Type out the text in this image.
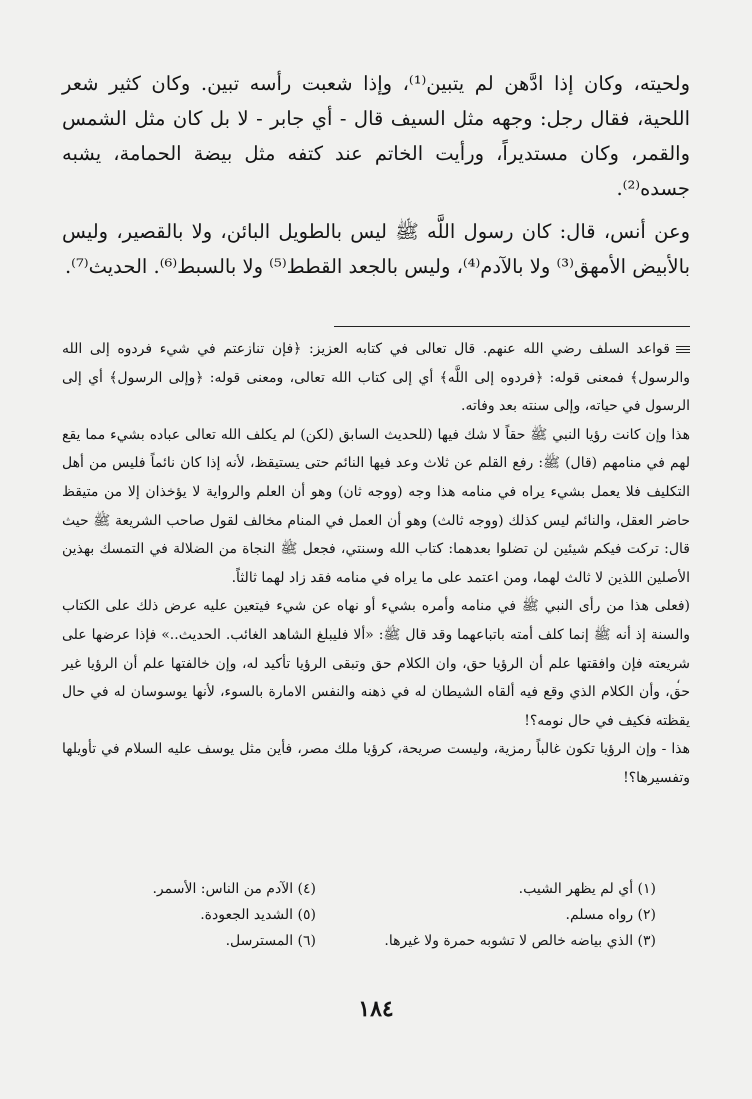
ولحيته، وكان إذا ادَّهن لم يتبين⁽¹⁾، وإذا شعبت رأسه تبين. وكان كثير شعر اللحية، فقال رجل: وجهه مثل السيف قال - أي جابر - لا بل كان مثل الشمس والقمر، وكان مستديراً، ورأيت الخاتم عند كتفه مثل بيضة الحمامة، يشبه جسده⁽²⁾.

وعن أنس، قال: كان رسول اللَّه ﷺ ليس بالطويل البائن، ولا بالقصير، وليس بالأبيض الأمهق⁽³⁾ ولا بالآدم⁽⁴⁾، وليس بالجعد القطط⁽⁵⁾ ولا بالسبط⁽⁶⁾. الحديث⁽⁷⁾.

قواعد السلف رضي الله عنهم. قال تعالى في كتابه العزيز: ﴿فإن تنازعتم في شيء فردوه إلى الله والرسول﴾ فمعنى قوله: ﴿فردوه إلى اللَّه﴾ أي إلى كتاب الله تعالى، ومعنى قوله: ﴿وإلى الرسول﴾ أي إلى الرسول في حياته، وإلى سنته بعد وفاته.

هذا وإن كانت رؤيا النبي ﷺ حقاً لا شك فيها (للحديث السابق (لكن) لم يكلف الله تعالى عباده بشيء مما يقع لهم في منامهم (قال) ﷺ: رفع القلم عن ثلاث وعد فيها النائم حتى يستيقظ، لأنه إذا كان نائماً فليس من أهل التكليف فلا يعمل بشيء يراه في منامه هذا وجه (ووجه ثان) وهو أن العلم والرواية لا يؤخذان إلا من متيقظ حاضر العقل، والنائم ليس كذلك (ووجه ثالث) وهو أن العمل في المنام مخالف لقول صاحب الشريعة ﷺ حيث قال: تركت فيكم شيئين لن تضلوا بعدهما: كتاب الله وسنتي، فجعل ﷺ النجاة من الضلالة في التمسك بهذين الأصلين اللذين لا ثالث لهما، ومن اعتمد على ما يراه في منامه فقد زاد لهما ثالثاً.

(فعلى هذا من رأى النبي ﷺ في منامه وأمره بشيء أو نهاه عن شيء فيتعين عليه عرض ذلك على الكتاب والسنة إذ أنه ﷺ إنما كلف أمته باتباعهما وقد قال ﷺ: «ألا فليبلغ الشاهد الغائب. الحديث..» فإذا عرضها على شريعته فإن وافقتها علم أن الرؤيا حق، وان الكلام حق وتبقى الرؤيا تأكيد له، وإن خالفتها علم أن الرؤيا غير حق، وأن الكلام الذي وقع فيه ألقاه الشيطان له في ذهنه والنفس الامارة بالسوء، لأنها يوسوسان له في حال يقظته فكيف في حال نومه؟!

هذا - وإن الرؤيا تكون غالباً رمزية، وليست صريحة، كرؤيا ملك مصر، فأين مثل يوسف عليه السلام في تأويلها وتفسيرها؟!

(١) أي لم يظهر الشيب.
(٢) رواه مسلم.
(٣) الذي بياضه خالص لا تشوبه حمرة ولا غيرها.
(٤) الآدم من الناس: الأسمر.
(٥) الشديد الجعودة.
(٦) المسترسل.
،
١٨٤
